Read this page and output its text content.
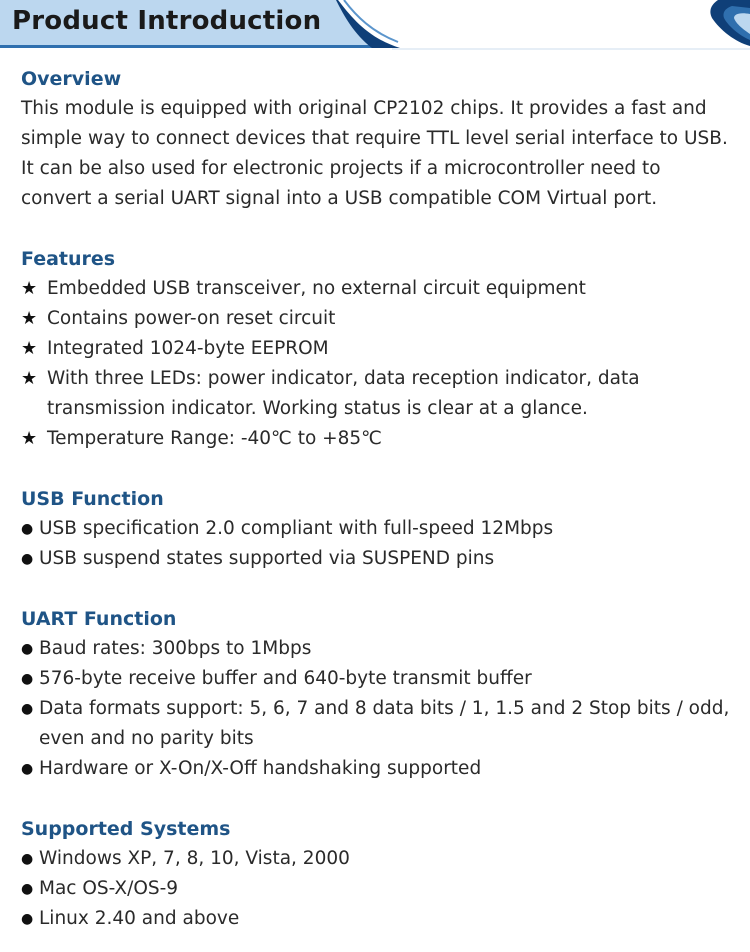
Product Introduction
Overview

This module is equipped with original CP2102 chips. It provides a fast and simple way to connect devices that require TTL level serial interface to USB. It can be also used for electronic projects if a microcontroller need to convert a serial UART signal into a USB compatible COM Virtual port.

Features
★ Embedded USB transceiver, no external circuit equipment
★ Contains power-on reset circuit
★ Integrated 1024-byte EEPROM
★ With three LEDs: power indicator, data reception indicator, data transmission indicator. Working status is clear at a glance.
★ Temperature Range: -40℃ to +85℃
USB Function
● USB specification 2.0 compliant with full-speed 12Mbps
● USB suspend states supported via SUSPEND pins
UART Function
● Baud rates: 300bps to 1Mbps
● 576-byte receive buffer and 640-byte transmit buffer
● Data formats support: 5, 6, 7 and 8 data bits / 1, 1.5 and 2 Stop bits / odd, even and no parity bits
● Hardware or X-On/X-Off handshaking supported
Supported Systems
● Windows XP, 7, 8, 10, Vista, 2000
● Mac OS-X/OS-9
● Linux 2.40 and above
